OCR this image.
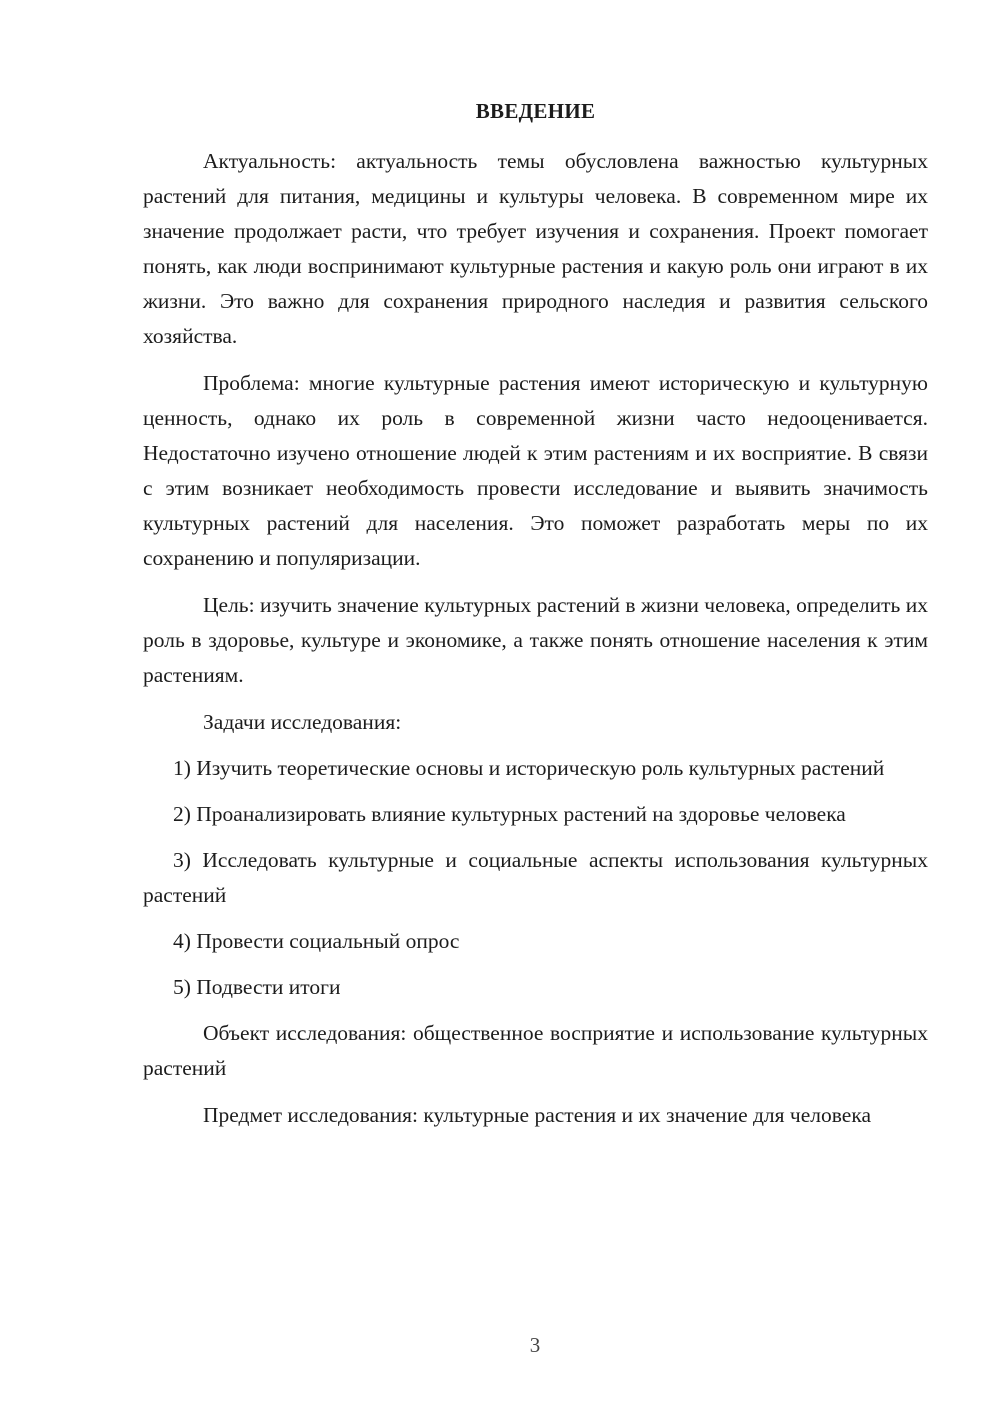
ВВЕДЕНИЕ

Актуальность: актуальность темы обусловлена важностью культурных растений для питания, медицины и культуры человека. В современном мире их значение продолжает расти, что требует изучения и сохранения. Проект помогает понять, как люди воспринимают культурные растения и какую роль они играют в их жизни. Это важно для сохранения природного наследия и развития сельского хозяйства.

Проблема: многие культурные растения имеют историческую и культурную ценность, однако их роль в современной жизни часто недооценивается. Недостаточно изучено отношение людей к этим растениям и их восприятие. В связи с этим возникает необходимость провести исследование и выявить значимость культурных растений для населения. Это поможет разработать меры по их сохранению и популяризации.

Цель: изучить значение культурных растений в жизни человека, определить их роль в здоровье, культуре и экономике, а также понять отношение населения к этим растениям.

Задачи исследования:

1) Изучить теоретические основы и историческую роль культурных растений

2) Проанализировать влияние культурных растений на здоровье человека

3) Исследовать культурные и социальные аспекты использования культурных растений

4) Провести социальный опрос

5) Подвести итоги

Объект исследования: общественное восприятие и использование культурных растений

Предмет исследования: культурные растения и их значение для человека

3
